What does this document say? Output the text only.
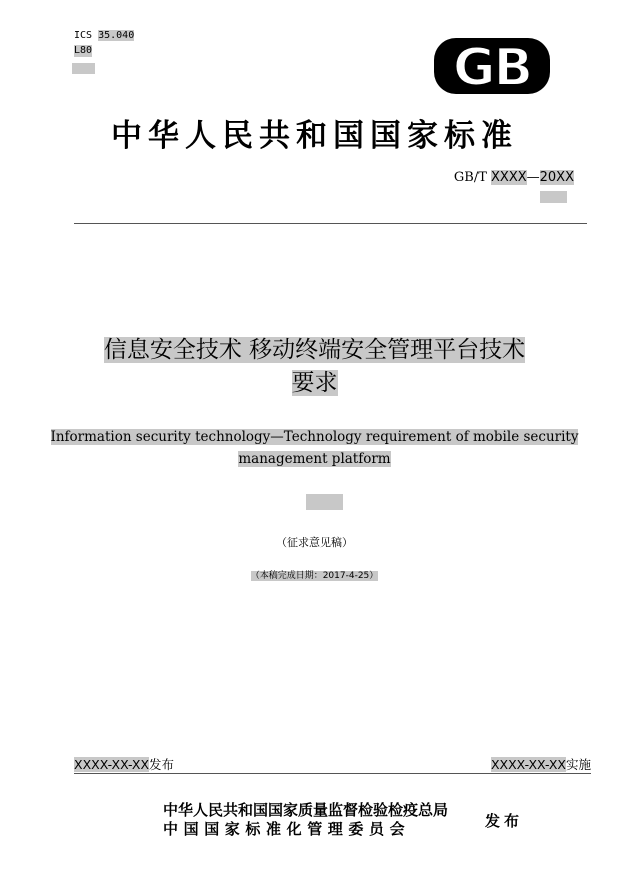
ICS 35.040
L80	GB
中华人民共和国国家标准
GB/T XXXX—20XX
信息安全技术 移动终端安全管理平台技术
要求
Information security technology—Technology requirement of mobile security
management platform
（征求意见稿）
（本稿完成日期：2017-4-25）
XXXX-XX-XX发布	XXXX-XX-XX实施
中华人民共和国国家质量监督检验检疫总局
中国国家标准化管理委员会	发布
